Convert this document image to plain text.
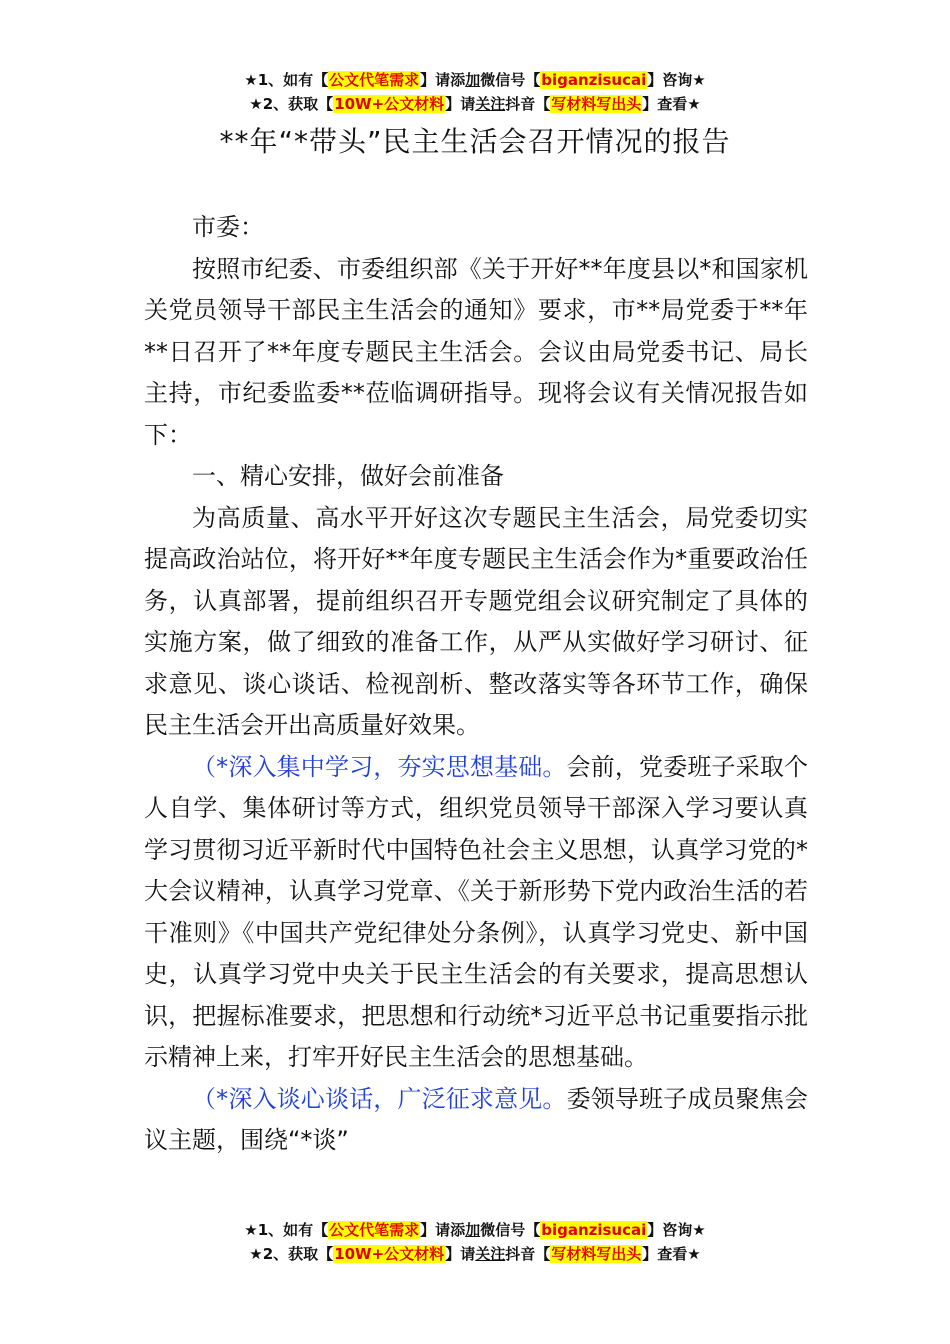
★1、如有【公文代笔需求】请添加微信号【biganzisucai】咨询★
★2、获取【10W+公文材料】请关注抖音【写材料写出头】查看★
**年“*带头”民主生活会召开情况的报告

市委：

按照市纪委、市委组织部《关于开好**年度县以*和国家机关党员领导干部民主生活会的通知》要求，市**局党委于**年**日召开了**年度专题民主生活会。会议由局党委书记、局长主持，市纪委监委**莅临调研指导。现将会议有关情况报告如下：

一、精心安排，做好会前准备

为高质量、高水平开好这次专题民主生活会，局党委切实提高政治站位，将开好**年度专题民主生活会作为*重要政治任务，认真部署，提前组织召开专题党组会议研究制定了具体的实施方案，做了细致的准备工作，从严从实做好学习研讨、征求意见、谈心谈话、检视剖析、整改落实等各环节工作，确保民主生活会开出高质量好效果。

（*深入集中学习，夯实思想基础。会前，党委班子采取个人自学、集体研讨等方式，组织党员领导干部深入学习要认真学习贯彻习近平新时代中国特色社会主义思想，认真学习党的*大会议精神，认真学习党章、《关于新形势下党内政治生活的若干准则》《中国共产党纪律处分条例》，认真学习党史、新中国史，认真学习党中央关于民主生活会的有关要求，提高思想认识，把握标准要求，把思想和行动统*习近平总书记重要指示批示精神上来，打牢开好民主生活会的思想基础。

（*深入谈心谈话，广泛征求意见。委领导班子成员聚焦会议主题，围绕“*谈”

★1、如有【公文代笔需求】请添加微信号【biganzisucai】咨询★
★2、获取【10W+公文材料】请关注抖音【写材料写出头】查看★
